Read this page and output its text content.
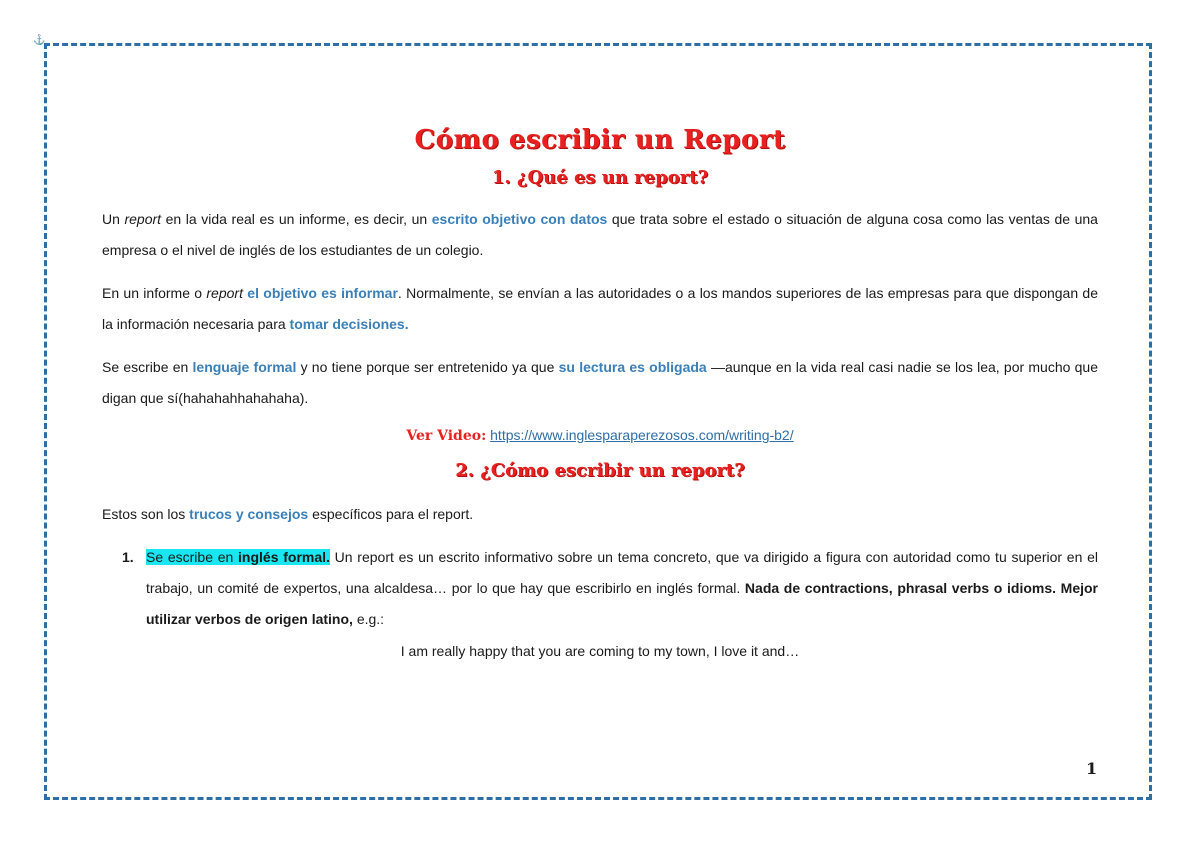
⚓
Cómo escribir un Report
1. ¿Qué es un report?

Un report en la vida real es un informe, es decir, un escrito objetivo con datos que trata sobre el estado o situación de alguna cosa como las ventas de una empresa o el nivel de inglés de los estudiantes de un colegio.

En un informe o report el objetivo es informar. Normalmente, se envían a las autoridades o a los mandos superiores de las empresas para que dispongan de la información necesaria para tomar decisiones.

Se escribe en lenguaje formal y no tiene porque ser entretenido ya que su lectura es obligada —aunque en la vida real casi nadie se los lea, por mucho que digan que sí(hahahahhahahaha).

Ver Video: https://www.inglesparaperezosos.com/writing-b2/
2. ¿Cómo escribir un report?

Estos son los trucos y consejos específicos para el report.

1. Se escribe en inglés formal. Un report es un escrito informativo sobre un tema concreto, que va dirigido a figura con autoridad como tu superior en el trabajo, un comité de expertos, una alcaldesa… por lo que hay que escribirlo en inglés formal. Nada de contractions, phrasal verbs o idioms. Mejor utilizar verbos de origen latino, e.g.:
I am really happy that you are coming to my town, I love it and…
1
